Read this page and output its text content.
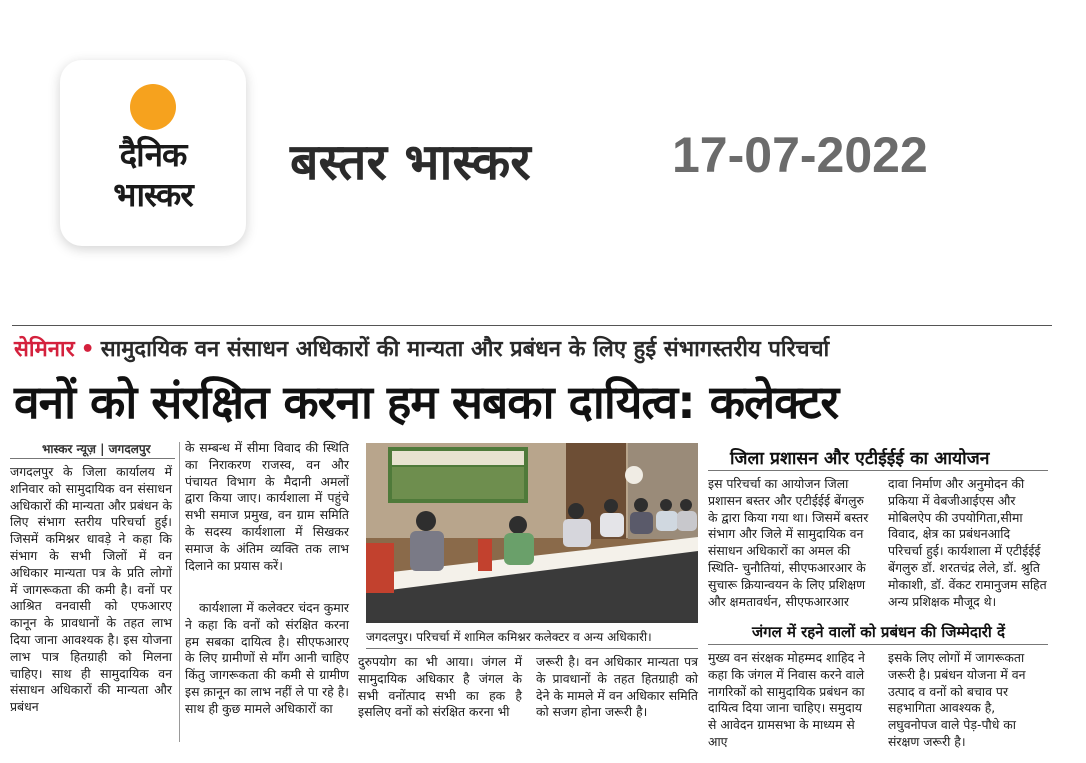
दैनिक
भास्कर
बस्तर भास्कर	17-07-2022
सेमिनार • सामुदायिक वन संसाधन अधिकारों की मान्यता और प्रबंधन के लिए हुई संभागस्तरीय परिचर्चा
वनों को संरक्षित करना हम सबका दायित्व: कलेक्टर
भास्कर न्यूज़ | जगदलपुर
जगदलपुर के जिला कार्यालय में शनिवार को सामुदायिक वन संसाधन अधिकारों की मान्यता और प्रबंधन के लिए संभाग स्तरीय परिचर्चा हुई। जिसमें कमिश्नर धावड़े ने कहा कि संभाग के सभी जिलों में वन अधिकार मान्यता पत्र के प्रति लोगों में जागरूकता की कमी है। वनों पर आश्रित वनवासी को एफआरए कानून के प्रावधानों के तहत लाभ दिया जाना आवश्यक है। इस योजना लाभ पात्र हितग्राही को मिलना चाहिए। साथ ही सामुदायिक वन संसाधन अधिकारों की मान्यता और प्रबंधन
के सम्बन्ध में सीमा विवाद की स्थिति का निराकरण राजस्व, वन और पंचायत विभाग के मैदानी अमलों द्वारा किया जाए। कार्यशाला में पहुंचे सभी समाज प्रमुख, वन ग्राम समिति के सदस्य कार्यशाला में सिखकर समाज के अंतिम व्यक्ति तक लाभ दिलाने का प्रयास करें।
कार्यशाला में कलेक्टर चंदन कुमार ने कहा कि वनों को संरक्षित करना हम सबका दायित्व है। सीएफआरए के लिए ग्रामीणों से माँग आनी चाहिए किंतु जागरूकता की कमी से ग्रामीण इस क़ानून का लाभ नहीं ले पा रहे है। साथ ही कुछ मामले अधिकारों का
जगदलपुर। परिचर्चा में शामिल कमिश्नर कलेक्टर व अन्य अधिकारी।
दुरुपयोग का भी आया। जंगल में सामुदायिक अधिकार है जंगल के सभी वनोंत्पाद सभी का हक है इसलिए वनों को संरक्षित करना भी
जरूरी है। वन अधिकार मान्यता पत्र के प्रावधानों के तहत हितग्राही को देने के मामले में वन अधिकार समिति को सजग होना जरूरी है।
जिला प्रशासन और एटीईईई का आयोजन
इस परिचर्चा का आयोजन जिला प्रशासन बस्तर और एटीईईई बेंगलुरु के द्वारा किया गया था। जिसमें बस्तर संभाग और जिले में सामुदायिक वन संसाधन अधिकारों का अमल की स्थिति- चुनौतियां, सीएफआरआर के सुचारू क्रियान्वयन के लिए प्रशिक्षण और क्षमतावर्धन, सीएफआरआर
दावा निर्माण और अनुमोदन की प्रकिया में वेबजीआईएस और मोबिलऐप की उपयोगिता,सीमा विवाद, क्षेत्र का प्रबंधनआदि परिचर्चा हुई। कार्यशाला में एटीईईई बेंगलुरु डॉ. शरतचंद्र लेले, डॉ. श्रुति मोकाशी, डॉ. वेंकट रामानुजम सहित अन्य प्रशिक्षक मौजूद थे।
जंगल में रहने वालों को प्रबंधन की जिम्मेदारी दें
मुख्य वन संरक्षक मोहम्मद शाहिद ने कहा कि जंगल में निवास करने वाले नागरिकों को सामुदायिक प्रबंधन का दायित्व दिया जाना चाहिए। समुदाय से आवेदन ग्रामसभा के माध्यम से आए
इसके लिए लोगों में जागरूकता जरूरी है। प्रबंधन योजना में वन उत्पाद व वनों को बचाव पर सहभागिता आवश्यक है, लघुवनोपज वाले पेड़-पौधे का संरक्षण जरूरी है।
